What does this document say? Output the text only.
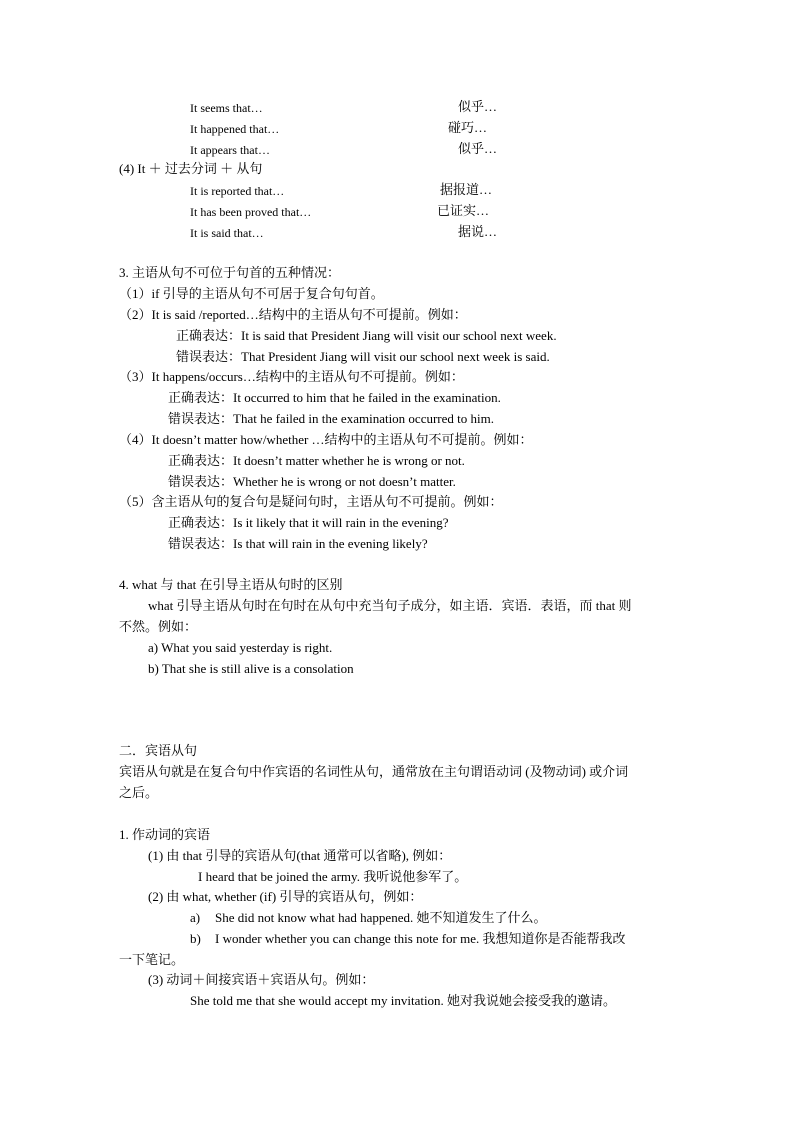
It seems that…	似乎…
It happened that…	碰巧…
It appears that…	似乎…
(4) It ＋ 过去分词 ＋ 从句
It is reported that…	据报道…
It has been proved that…	已证实…
It is said that…	据说…
3. 主语从句不可位于句首的五种情况：
（1）if 引导的主语从句不可居于复合句句首。
（2）It is said /reported…结构中的主语从句不可提前。例如：
正确表达：It is said that President Jiang will visit our school next week.
错误表达：That President Jiang will visit our school next week is said.
（3）It happens/occurs…结构中的主语从句不可提前。例如：
正确表达：It occurred to him that he failed in the examination.
错误表达：That he failed in the examination occurred to him.
（4）It doesn’t matter how/whether …结构中的主语从句不可提前。例如：
正确表达：It doesn’t matter whether he is wrong or not.
错误表达：Whether he is wrong or not doesn’t matter.
（5）含主语从句的复合句是疑问句时，主语从句不可提前。例如：
正确表达：Is it likely that it will rain in the evening?
错误表达：Is that will rain in the evening likely?
4. what 与 that 在引导主语从句时的区别
what 引导主语从句时在句时在从句中充当句子成分，如主语．宾语．表语，而 that 则
不然。例如：
a) What you said yesterday is right.
b) That she is still alive is a consolation
二．宾语从句
宾语从句就是在复合句中作宾语的名词性从句，通常放在主句谓语动词 (及物动词) 或介词
之后。
1. 作动词的宾语
(1) 由 that 引导的宾语从句(that 通常可以省略), 例如：
I heard that be joined the army. 我听说他参军了。
(2) 由 what, whether (if) 引导的宾语从句，例如：
a) She did not know what had happened. 她不知道发生了什么。
b) I wonder whether you can change this note for me. 我想知道你是否能帮我改
一下笔记。
(3) 动词＋间接宾语＋宾语从句。例如：
She told me that she would accept my invitation. 她对我说她会接受我的邀请。
